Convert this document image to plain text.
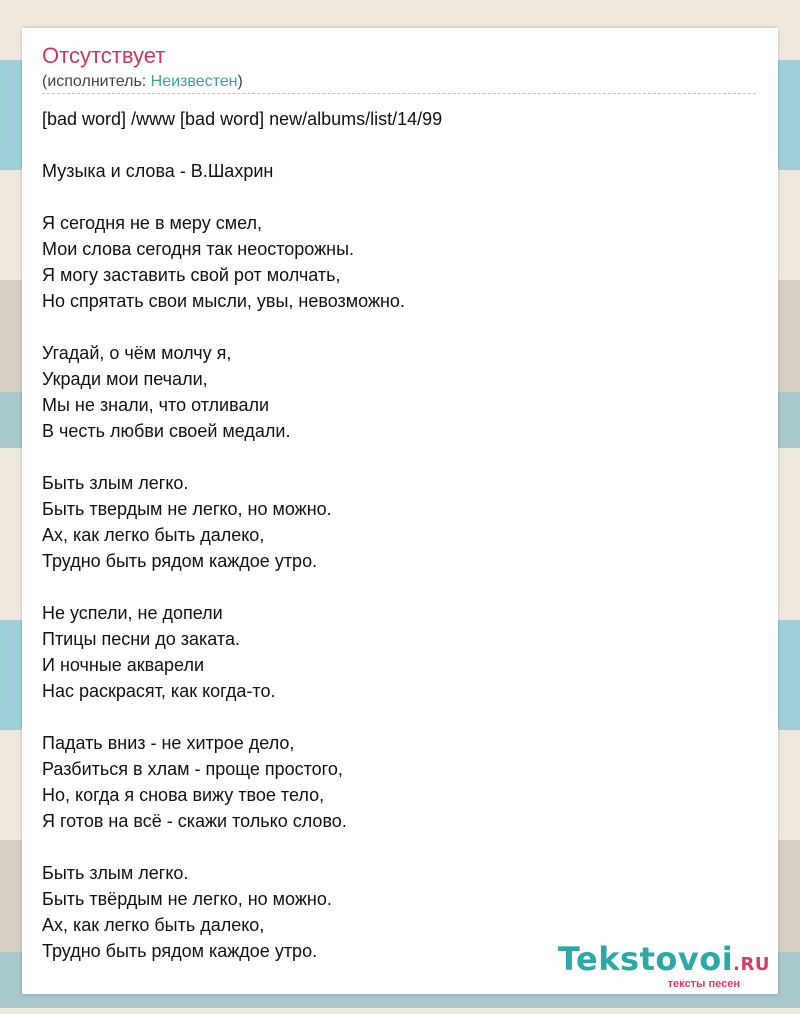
Отсутствует
(исполнитель: Неизвестен)
[bad word] /www [bad word] new/albums/list/14/99
Музыка и слова - В.Шахрин
Я сегодня не в меру смел,
Мои слова сегодня так неосторожны.
Я могу заставить свой рот молчать,
Но спрятать свои мысли, увы, невозможно.
Угадай, о чём молчу я,
Укради мои печали,
Мы не знали, что отливали
В честь любви своей медали.
Быть злым легко.
Быть твердым не легко, но можно.
Ах, как легко быть далеко,
Трудно быть рядом каждое утро.
Не успели, не допели
Птицы песни до заката.
И ночные акварели
Нас раскрасят, как когда-то.
Падать вниз - не хитрое дело,
Разбиться в хлам - проще простого,
Но, когда я снова вижу твое тело,
Я готов на всё - скажи только слово.
Быть злым легко.
Быть твёрдым не легко, но можно.
Ах, как легко быть далеко,
Трудно быть рядом каждое утро.	Tekstovoi.RU
тексты песен
